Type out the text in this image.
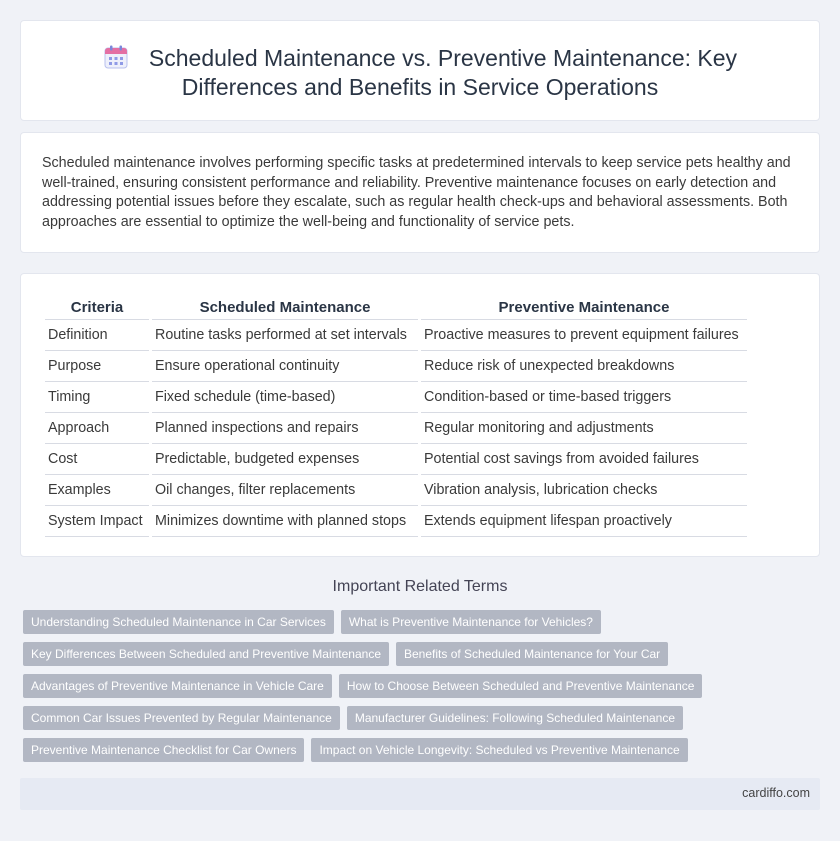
Scheduled Maintenance vs. Preventive Maintenance: Key
Differences and Benefits in Service Operations

Scheduled maintenance involves performing specific tasks at predetermined intervals to keep service pets healthy and well-trained, ensuring consistent performance and reliability. Preventive maintenance focuses on early detection and addressing potential issues before they escalate, such as regular health check-ups and behavioral assessments. Both approaches are essential to optimize the well-being and functionality of service pets.

Criteria	Scheduled Maintenance	Preventive Maintenance
Definition	Routine tasks performed at set intervals	Proactive measures to prevent equipment failures
Purpose	Ensure operational continuity	Reduce risk of unexpected breakdowns
Timing	Fixed schedule (time-based)	Condition-based or time-based triggers
Approach	Planned inspections and repairs	Regular monitoring and adjustments
Cost	Predictable, budgeted expenses	Potential cost savings from avoided failures
Examples	Oil changes, filter replacements	Vibration analysis, lubrication checks
System Impact	Minimizes downtime with planned stops	Extends equipment lifespan proactively
Important Related Terms
Understanding Scheduled Maintenance in Car Services	What is Preventive Maintenance for Vehicles?
Key Differences Between Scheduled and Preventive Maintenance	Benefits of Scheduled Maintenance for Your Car
Advantages of Preventive Maintenance in Vehicle Care	How to Choose Between Scheduled and Preventive Maintenance
Common Car Issues Prevented by Regular Maintenance	Manufacturer Guidelines: Following Scheduled Maintenance
Preventive Maintenance Checklist for Car Owners	Impact on Vehicle Longevity: Scheduled vs Preventive Maintenance
cardiffo.com
